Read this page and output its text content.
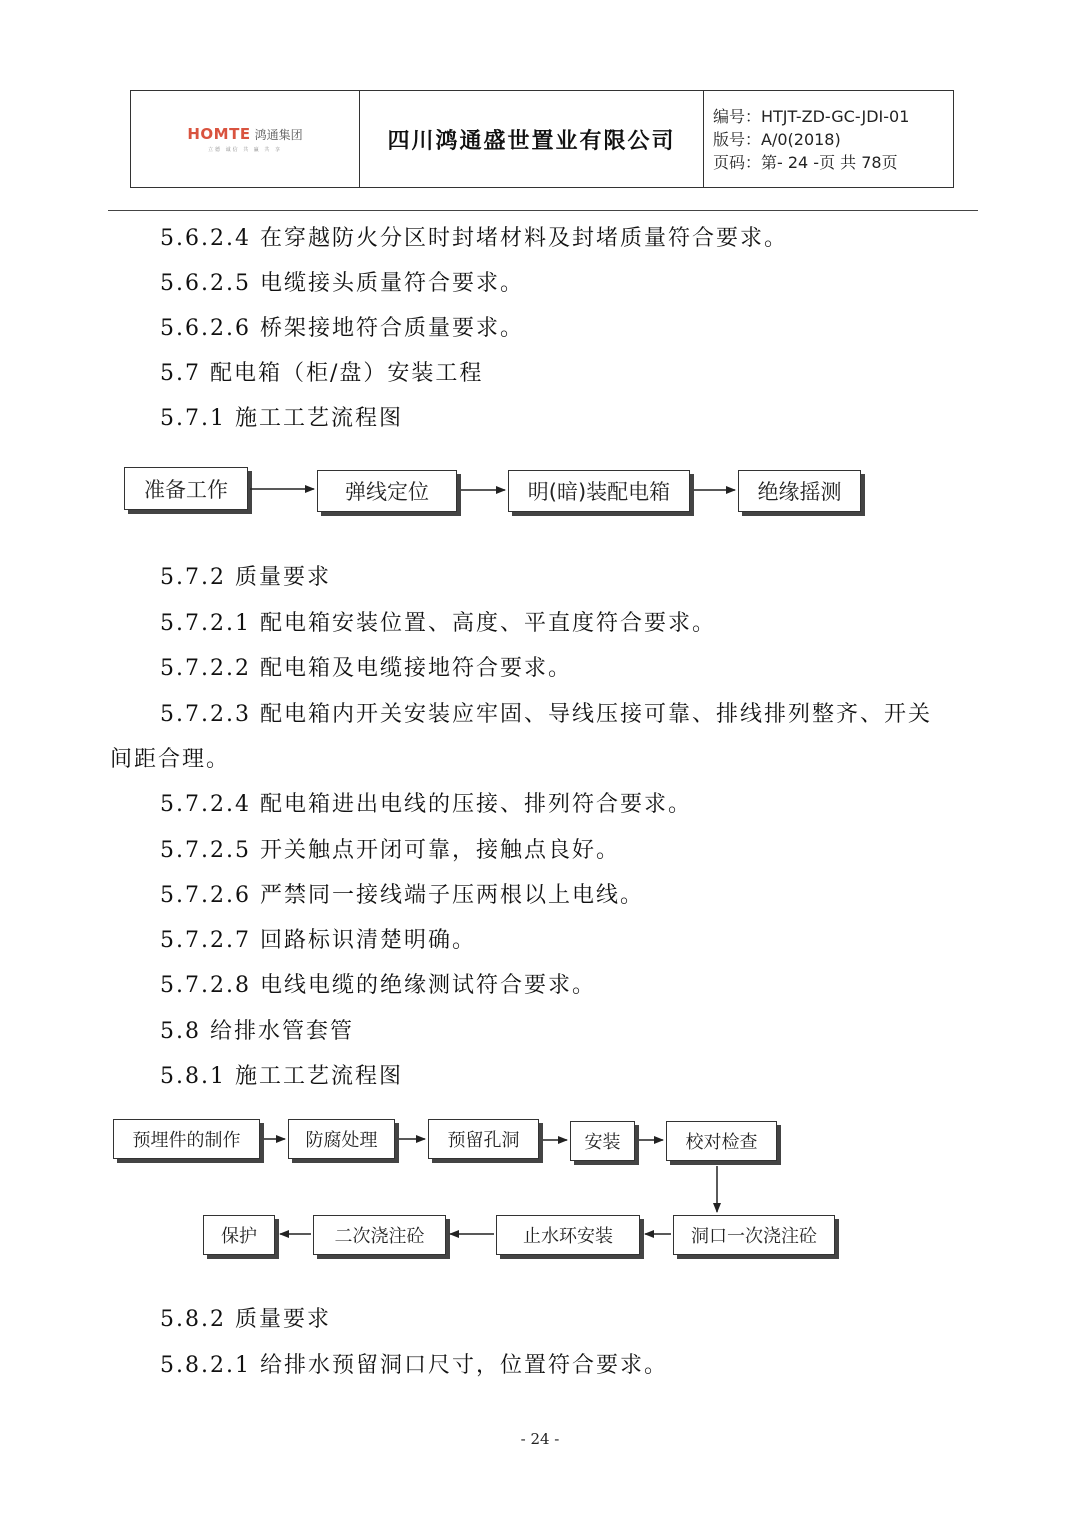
HOMTE 鸿通集团
立德 诚信 共 赢 共 享	四川鸿通盛世置业有限公司
编号：HTJT-ZD-GC-JDⅠ-01
版号：A/0(2018)
页码：第- 24 -页 共 78页
5.6.2.4 在穿越防火分区时封堵材料及封堵质量符合要求。
5.6.2.5 电缆接头质量符合要求。
5.6.2.6 桥架接地符合质量要求。
5.7 配电箱（柜/盘）安装工程
5.7.1 施工工艺流程图
准备工作	弹线定位	明(暗)装配电箱	绝缘摇测
5.7.2 质量要求
5.7.2.1 配电箱安装位置、高度、平直度符合要求。
5.7.2.2 配电箱及电缆接地符合要求。
5.7.2.3 配电箱内开关安装应牢固、导线压接可靠、排线排列整齐、开关
间距合理。
5.7.2.4 配电箱进出电线的压接、排列符合要求。
5.7.2.5 开关触点开闭可靠，接触点良好。
5.7.2.6 严禁同一接线端子压两根以上电线。
5.7.2.7 回路标识清楚明确。
5.7.2.8 电线电缆的绝缘测试符合要求。
5.8 给排水管套管
5.8.1 施工工艺流程图
预埋件的制作	防腐处理	预留孔洞	安装	校对检查
洞口一次浇注砼
止水环安装
二次浇注砼
保护
5.8.2 质量要求
5.8.2.1 给排水预留洞口尺寸，位置符合要求。
- 24 -
